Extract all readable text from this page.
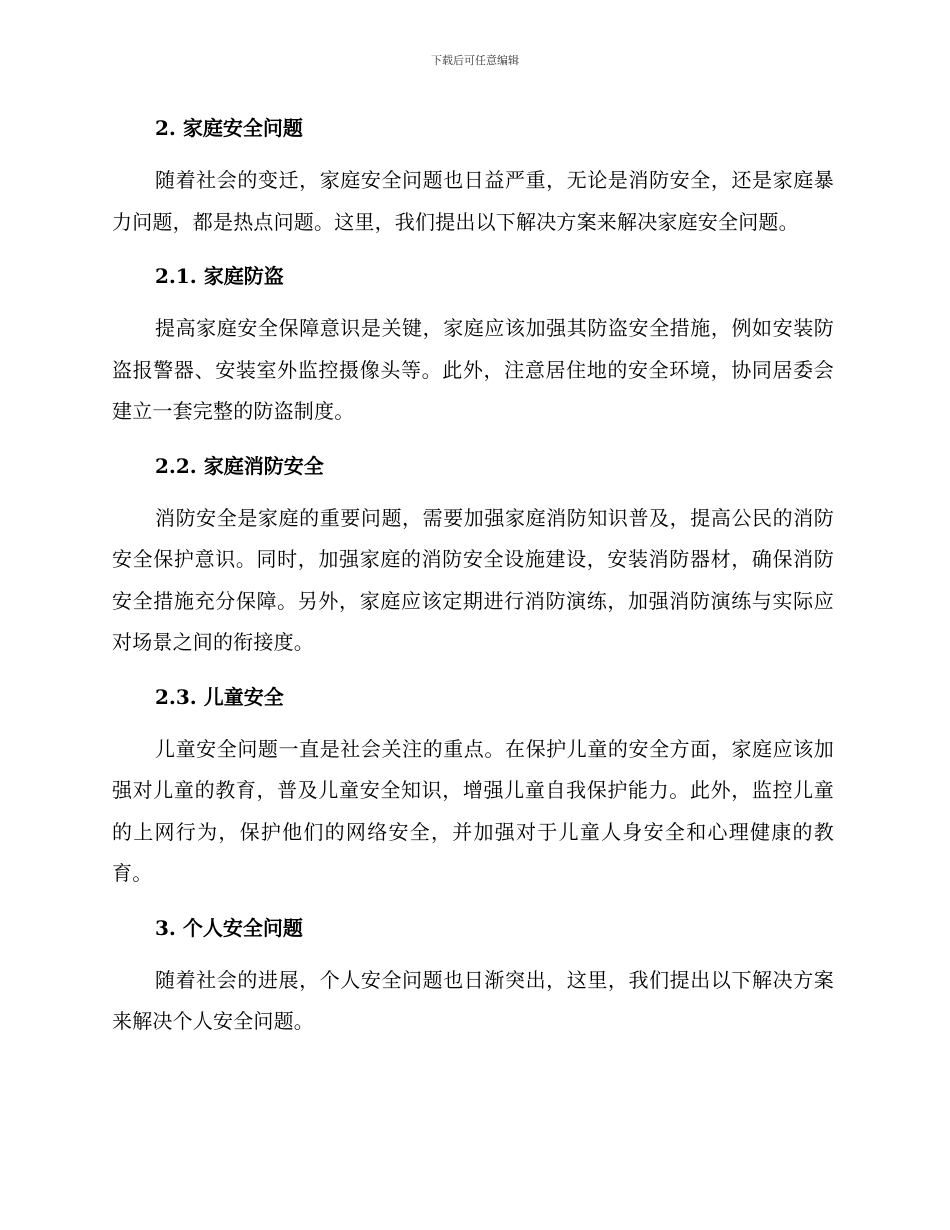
下载后可任意编辑
2. 家庭安全问题

随着社会的变迁，家庭安全问题也日益严重，无论是消防安全，还是家庭暴力问题，都是热点问题。这里，我们提出以下解决方案来解决家庭安全问题。

2.1. 家庭防盗

提高家庭安全保障意识是关键，家庭应该加强其防盗安全措施，例如安装防盗报警器、安装室外监控摄像头等。此外，注意居住地的安全环境，协同居委会建立一套完整的防盗制度。

2.2. 家庭消防安全

消防安全是家庭的重要问题，需要加强家庭消防知识普及，提高公民的消防安全保护意识。同时，加强家庭的消防安全设施建设，安装消防器材，确保消防安全措施充分保障。另外，家庭应该定期进行消防演练，加强消防演练与实际应对场景之间的衔接度。

2.3. 儿童安全

儿童安全问题一直是社会关注的重点。在保护儿童的安全方面，家庭应该加强对儿童的教育，普及儿童安全知识，增强儿童自我保护能力。此外，监控儿童的上网行为，保护他们的网络安全，并加强对于儿童人身安全和心理健康的教育。

3. 个人安全问题

随着社会的进展，个人安全问题也日渐突出，这里，我们提出以下解决方案来解决个人安全问题。
